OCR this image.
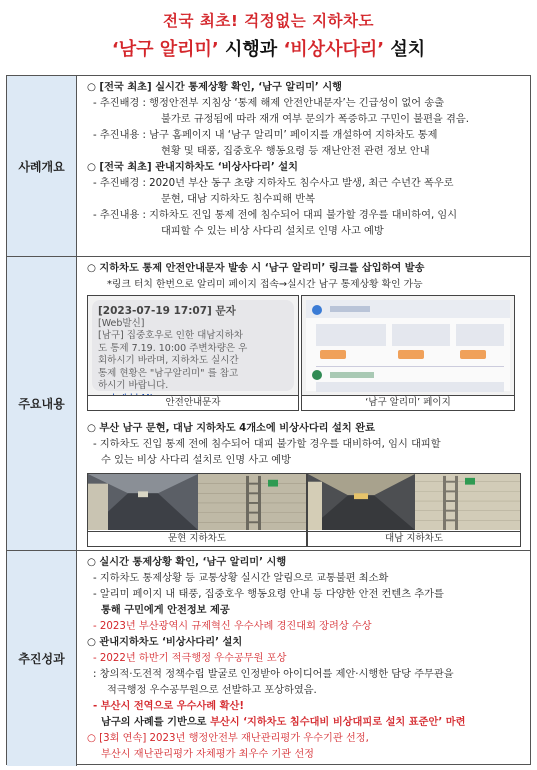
전국 최초! 걱정없는 지하차도
‘남구 알리미’ 시행과 ‘비상사다리’ 설치
사례개요
○ [전국 최초] 실시간 통제상황 확인, ‘남구 알리미’ 시행
- 추진배경 : 행정안전부 지침상 ‘통제 해제 안전안내문자’는 긴급성이 없어 송출
불가로 규정됨에 따라 재개 여부 문의가 폭증하고 구민이 불편을 겪음.
- 추진내용 : 남구 홈페이지 내 ‘남구 알리미’ 페이지를 개설하여 지하차도 통제
현황 및 태풍, 집중호우 행동요령 등 재난안전 관련 정보 안내
○ [전국 최초] 관내지하차도 ‘비상사다리’ 설치
- 추진배경 : 2020년 부산 동구 초량 지하차도 침수사고 발생, 최근 수년간 폭우로
문현, 대남 지하차도 침수피해 반복
- 추진내용 : 지하차도 진입 통제 전에 침수되어 대피 불가할 경우를 대비하여, 임시
대피할 수 있는 비상 사다리 설치로 인명 사고 예방
주요내용
○ 지하차도 통제 안전안내문자 발송 시 ‘남구 알리미’ 링크를 삽입하여 발송
*링크 터치 한번으로 알리미 페이지 접속→실시간 남구 통제상황 확인 가능
[2023-07-19 17:07] 문자
[Web발신]
[남구] 집중호우로 인한 대남지하차
도 통제 7.19. 10:00 주변차량은 우
회하시기 바라며, 지하차도 실시간
통제 현황은 "남구알리미" 를 참고
하시기 바랍니다.
안전안내문자	‘남구 알리미’ 페이지
○ 부산 남구 문현, 대남 지하차도 4개소에 비상사다리 설치 완료
- 지하차도 진입 통제 전에 침수되어 대피 불가할 경우를 대비하여, 임시 대피할
수 있는 비상 사다리 설치로 인명 사고 예방
문현 지하차도	대남 지하차도
추진성과
○ 실시간 통제상황 확인, ‘남구 알리미’ 시행
- 지하차도 통제상황 등 교통상황 실시간 알림으로 교통불편 최소화
- 알리미 페이지 내 태풍, 집중호우 행동요령 안내 등 다양한 안전 컨텐츠 추가를
통해 구민에게 안전정보 제공
- 2023년 부산광역시 규제혁신 우수사례 경진대회 장려상 수상
○ 관내지하차도 ‘비상사다리’ 설치
- 2022년 하반기 적극행정 우수공무원 포상
: 창의적·도전적 정책수립 발굴로 인정받아 아이디어를 제안·시행한 담당 주무관을
적극행정 우수공무원으로 선발하고 포상하였음.
- 부산시 전역으로 우수사례 확산!
남구의 사례를 기반으로 부산시 ‘지하차도 침수대비 비상대피로 설치 표준안’ 마련
○ [3회 연속] 2023년 행정안전부 재난관리평가 우수기관 선정,
부산시 재난관리평가 자체평가 최우수 기관 선정
